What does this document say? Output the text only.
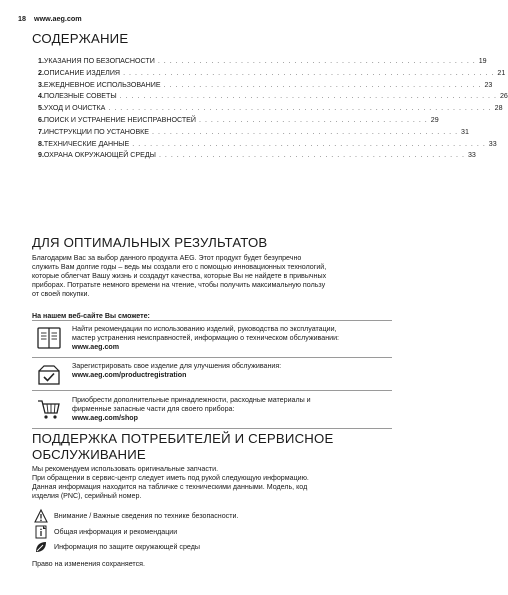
18 www.aeg.com
СОДЕРЖАНИЕ
1. УКАЗАНИЯ ПО БЕЗОПАСНОСТИ . . . . . . . . . . . . . . . . . . . . . . . . . . . . . . . . . . . . . . . . . . . . . . . . . . . . . . 19
2. ОПИСАНИЕ ИЗДЕЛИЯ . . . . . . . . . . . . . . . . . . . . . . . . . . . . . . . . . . . . . . . . . . . . . . . . . . . . . . . . . . . . . . . 21
3. ЕЖЕДНЕВНОЕ ИСПОЛЬЗОВАНИЕ . . . . . . . . . . . . . . . . . . . . . . . . . . . . . . . . . . . . . . . . . . . . . . . . . . . . . . 23
4. ПОЛЕЗНЫЕ СОВЕТЫ . . . . . . . . . . . . . . . . . . . . . . . . . . . . . . . . . . . . . . . . . . . . . . . . . . . . . . . . . . . . . . . . 26
5. УХОД И ОЧИСТКА . . . . . . . . . . . . . . . . . . . . . . . . . . . . . . . . . . . . . . . . . . . . . . . . . . . . . . . . . . . . . . . . . 28
6. ПОИСК И УСТРАНЕНИЕ НЕИСПРАВНОСТЕЙ . . . . . . . . . . . . . . . . . . . . . . . . . . . . . . . . . . . . . . . 29
7. ИНСТРУКЦИИ ПО УСТАНОВКЕ . . . . . . . . . . . . . . . . . . . . . . . . . . . . . . . . . . . . . . . . . . . . . . . . . . . . 31
8. ТЕХНИЧЕСКИЕ ДАННЫЕ . . . . . . . . . . . . . . . . . . . . . . . . . . . . . . . . . . . . . . . . . . . . . . . . . . . . . . . . . . . . 33
9. ОХРАНА ОКРУЖАЮЩЕЙ СРЕДЫ . . . . . . . . . . . . . . . . . . . . . . . . . . . . . . . . . . . . . . . . . . . . . . . . . . . . 33
ДЛЯ ОПТИМАЛЬНЫХ РЕЗУЛЬТАТОВ
Благодарим Вас за выбор данного продукта AEG. Этот продукт будет безупречно
служить Вам долгие годы – ведь мы создали его с помощью инновационных технологий,
которые облегчат Вашу жизнь и создадут качества, которые Вы не найдете в привычных
приборах. Потратьте немного времени на чтение, чтобы получить максимальную пользу
от своей покупки.
На нашем веб-сайте Вы сможете:
Найти рекомендации по использованию изделий, руководства по эксплуатации,
мастер устранения неисправностей, информацию о техническом обслуживании:
www.aeg.com
Зарегистрировать свое изделие для улучшения обслуживания:
www.aeg.com/productregistration
Приобрести дополнительные принадлежности, расходные материалы и
фирменные запасные части для своего прибора:
www.aeg.com/shop
ПОДДЕРЖКА ПОТРЕБИТЕЛЕЙ И СЕРВИСНОЕ
ОБСЛУЖИВАНИЕ
Мы рекомендуем использовать оригинальные запчасти.
При обращении в сервис-центр следует иметь под рукой следующую информацию.
Данная информация находится на табличке с техническими данными. Модель, код
изделия (PNC), серийный номер.
Внимание / Важные сведения по технике безопасности.
Общая информация и рекомендации
Информация по защите окружающей среды
Право на изменения сохраняется.
